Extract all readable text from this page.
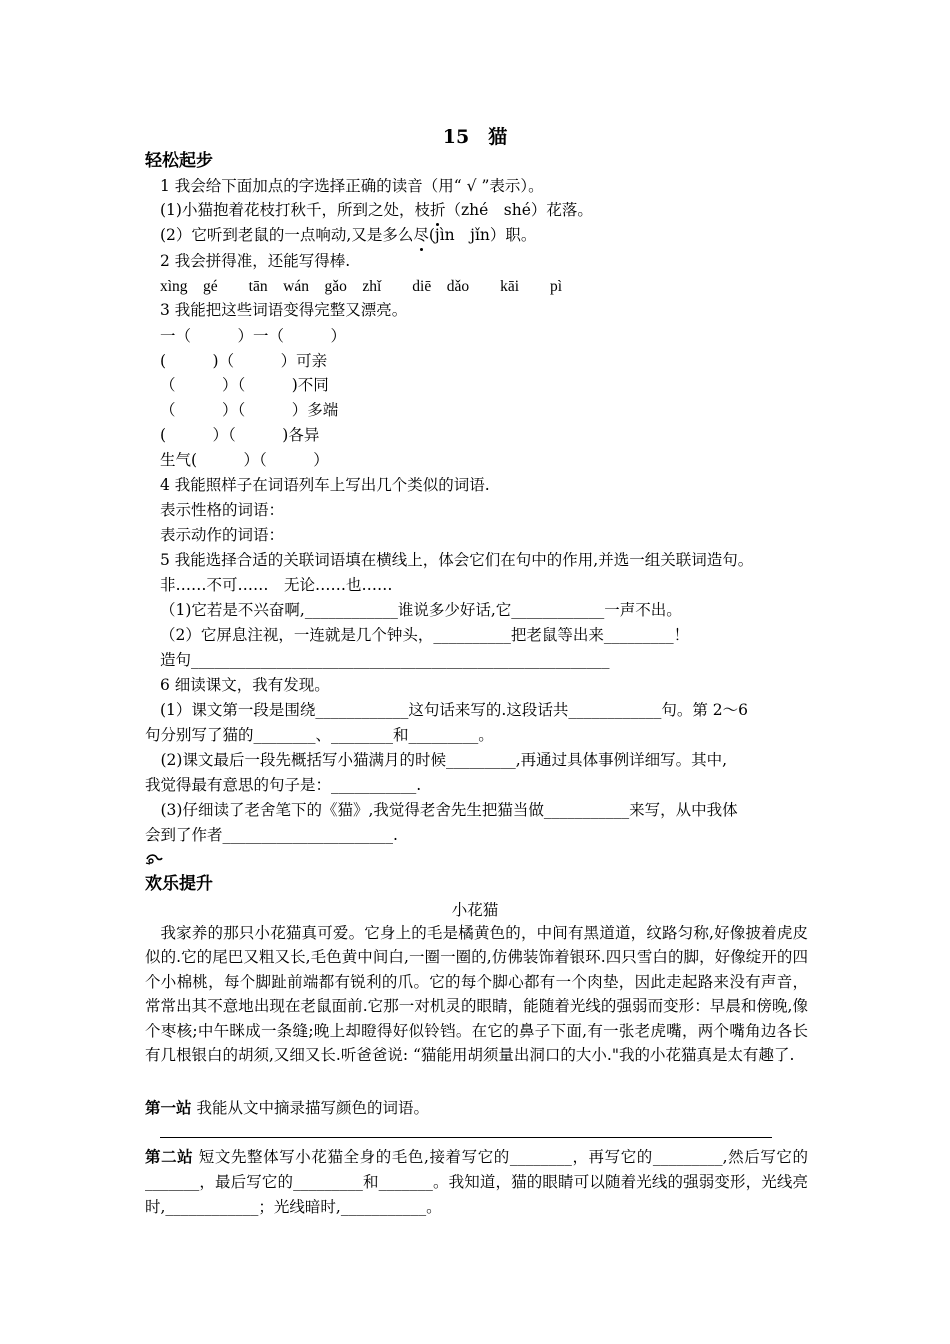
15　猫
轻松起步
1 我会给下面加点的字选择正确的读音（用“ √ ”表示）。
(1)小猫抱着花枝打秋千，所到之处，枝折（zhé　shé）花落。
(2）它听到老鼠的一点响动,又是多么尽(jìn　jǐn）职。
2 我会拼得准，还能写得棒.
xìng　gé　　tān　wán　gǎo　zhǐ　　diē　dǎo　　kāi　　pì
3 我能把这些词语变得完整又漂亮。
一（　　　）一（　　　）
(　　　)（　　　）可亲
（　　　）（　　　)不同
（　　　）（　　　）多端
(　　　）（　　　)各异
生气(　　　）（　　　）
4 我能照样子在词语列车上写出几个类似的词语.
表示性格的词语：
表示动作的词语：
5 我能选择合适的关联词语填在横线上，体会它们在句中的作用,并选一组关联词造句。
非……不可……　无论……也……
（1)它若是不兴奋啊,____________谁说多少好话,它____________一声不出。
（2）它屏息注视，一连就是几个钟头，__________把老鼠等出来_________！
造句______________________________________________________
6 细读课文，我有发现。
(1）课文第一段是围绕____________这句话来写的.这段话共____________句。第 2～6
句分别写了猫的________、________和_________。
　(2)课文最后一段先概括写小猫满月的时候_________,再通过具体事例详细写。其中,
我觉得最有意思的句子是：___________.
　(3)仔细读了老舍笔下的《猫》,我觉得老舍先生把猫当做___________来写，从中我体
会到了作者______________________.
欢乐提升
小花猫
我家养的那只小花猫真可爱。它身上的毛是橘黄色的，中间有黑道道，纹路匀称,好像披着虎皮似的.它的尾巴又粗又长,毛色黄中间白,一圈一圈的,仿佛装饰着银环.四只雪白的脚，好像绽开的四个小棉桃，每个脚趾前端都有锐利的爪。它的每个脚心都有一个肉垫，因此走起路来没有声音，常常出其不意地出现在老鼠面前.它那一对机灵的眼睛，能随着光线的强弱而变形：早晨和傍晚,像个枣核;中午眯成一条缝;晚上却瞪得好似铃铛。在它的鼻子下面,有一张老虎嘴，两个嘴角边各长有几根银白的胡须,又细又长.听爸爸说: “猫能用胡须量出洞口的大小."我的小花猫真是太有趣了.
第一站 我能从文中摘录描写颜色的词语。
第二站 短文先整体写小花猫全身的毛色,接着写它的________，再写它的_________,然后写它的_______，最后写它的_________和_______。我知道，猫的眼睛可以随着光线的强弱变形，光线亮时,____________；光线暗时,___________。
